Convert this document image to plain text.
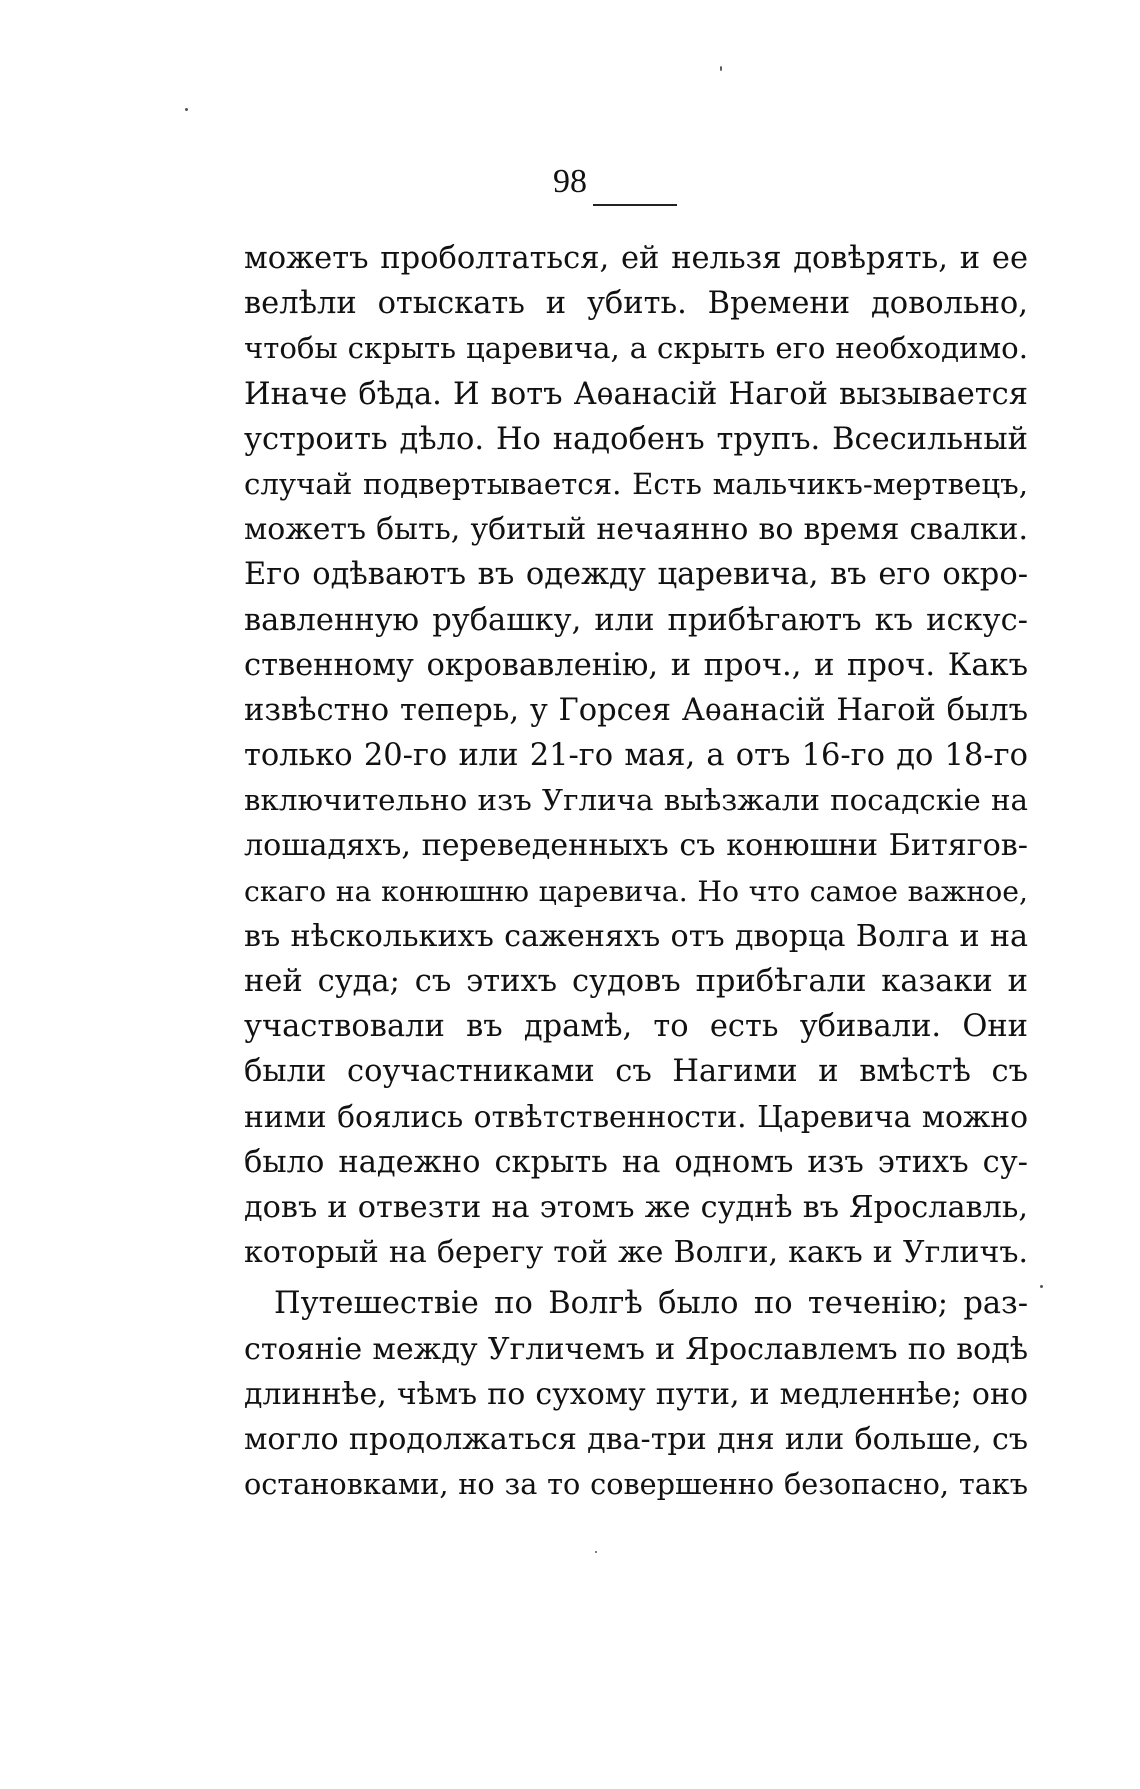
98
можетъ проболтаться, ей нельзя довѣрять, и ее
велѣли отыскать и убить. Времени довольно,
чтобы скрыть царевича, а скрыть его необходимо.
Иначе бѣда. И вотъ Аѳанасій Нагой вызывается
устроить дѣло. Но надобенъ трупъ. Всесильный
случай подвертывается. Есть мальчикъ-мертвецъ,
можетъ быть, убитый нечаянно во время свалки.
Его одѣваютъ въ одежду царевича, въ его окро-
вавленную рубашку, или прибѣгаютъ къ искус-
ственному окровавленію, и проч., и проч. Какъ
извѣстно теперь, у Горсея Аѳанасій Нагой былъ
только 20-го или 21-го мая, а отъ 16-го до 18-го
включительно изъ Углича выѣзжали посадскіе на
лошадяхъ, переведенныхъ съ конюшни Битягов-
скаго на конюшню царевича. Но что самое важное,
въ нѣсколькихъ саженяхъ отъ дворца Волга и на
ней суда; съ этихъ судовъ прибѣгали казаки и
участвовали въ драмѣ, то есть убивали. Они
были соучастниками съ Нагими и вмѣстѣ съ
ними боялись отвѣтственности. Царевича можно
было надежно скрыть на одномъ изъ этихъ су-
довъ и отвезти на этомъ же суднѣ въ Ярославль,
который на берегу той же Волги, какъ и Угличъ.
Путешествіе по Волгѣ было по теченію; раз-
стояніе между Угличемъ и Ярославлемъ по водѣ
длиннѣе, чѣмъ по сухому пути, и медленнѣе; оно
могло продолжаться два-три дня или больше, съ
остановками, но за то совершенно безопасно, такъ
